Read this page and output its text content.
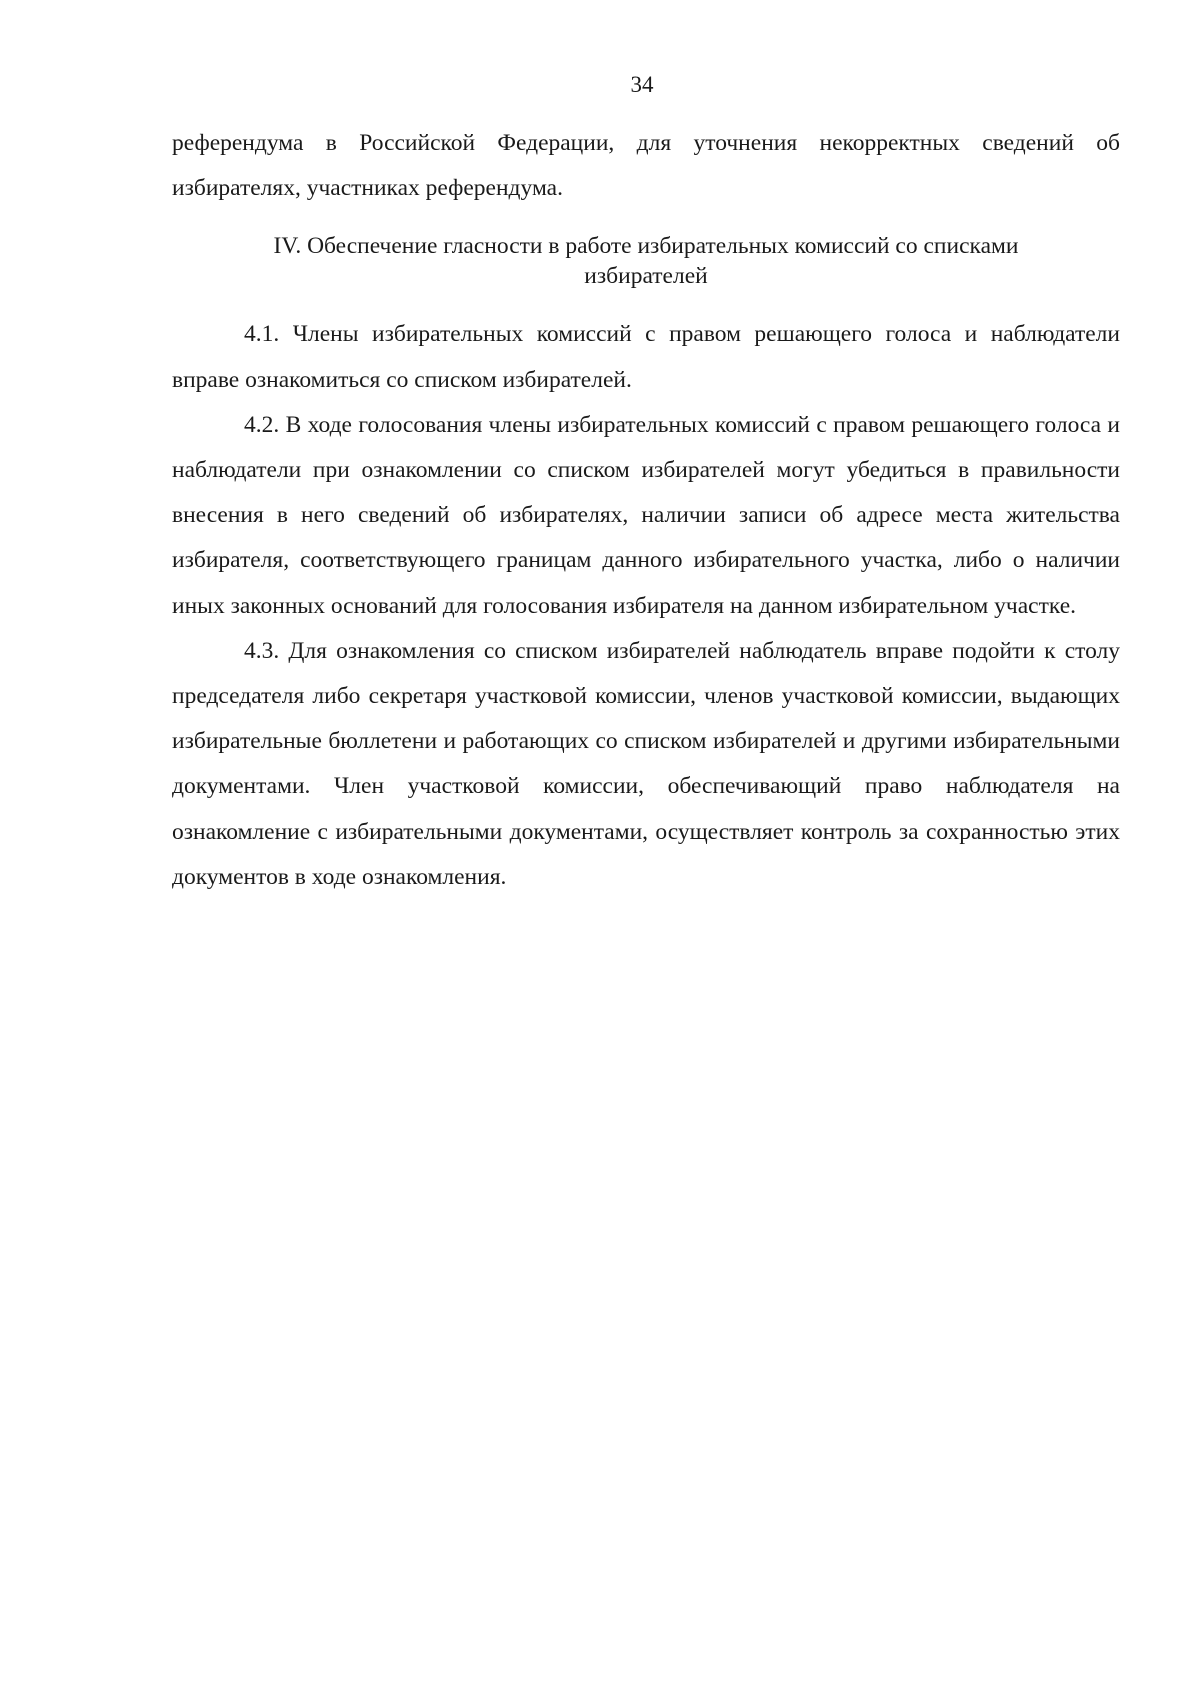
34

референдума в Российской Федерации, для уточнения некорректных сведений об избирателях, участниках референдума.

IV. Обеспечение гласности в работе избирательных комиссий со списками
избирателей

4.1. Члены избирательных комиссий с правом решающего голоса и наблюдатели вправе ознакомиться со списком избирателей.

4.2. В ходе голосования члены избирательных комиссий с правом решающего голоса и наблюдатели при ознакомлении со списком избирателей могут убедиться в правильности внесения в него сведений об избирателях, наличии записи об адресе места жительства избирателя, соответствующего границам данного избирательного участка, либо о наличии иных законных оснований для голосования избирателя на данном избирательном участке.

4.3. Для ознакомления со списком избирателей наблюдатель вправе подойти к столу председателя либо секретаря участковой комиссии, членов участковой комиссии, выдающих избирательные бюллетени и работающих со списком избирателей и другими избирательными документами. Член участковой комиссии, обеспечивающий право наблюдателя на ознакомление с избирательными документами, осуществляет контроль за сохранностью этих документов в ходе ознакомления.
